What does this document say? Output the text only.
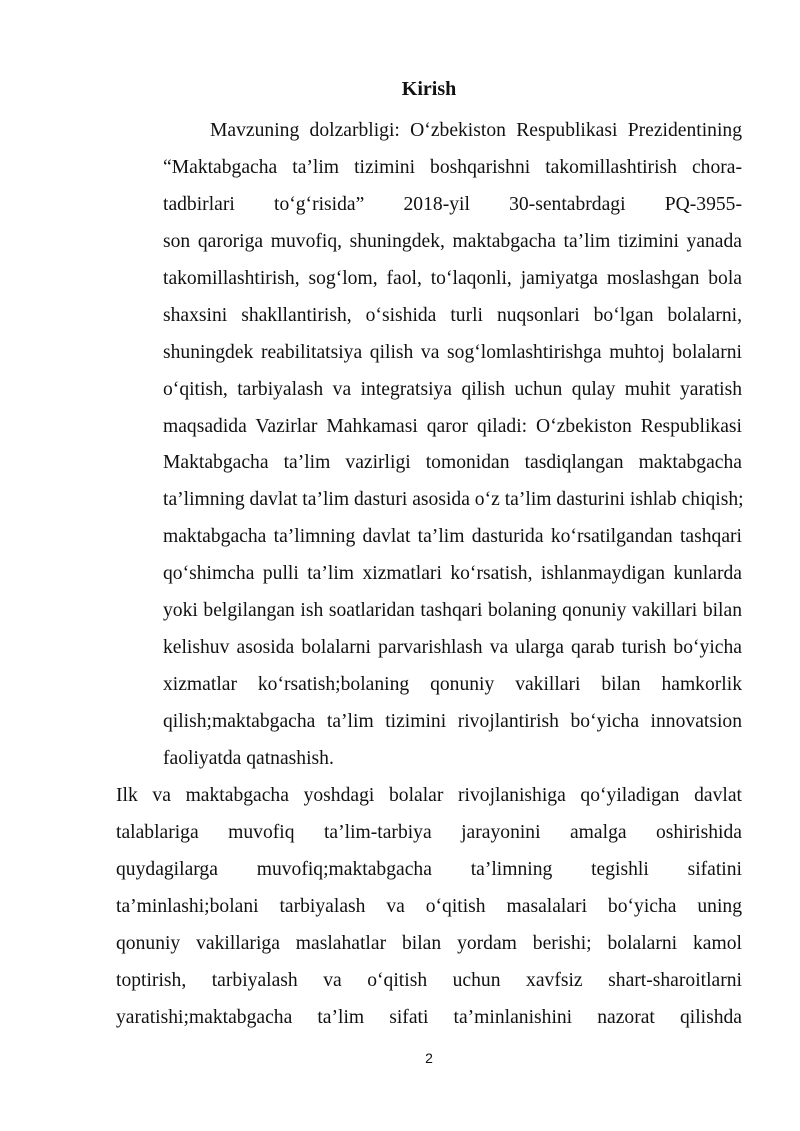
Kirish
Mavzuning dolzarbligi: O‘zbekiston Respublikasi Prezidentining
“Maktabgacha ta’lim tizimini boshqarishni takomillashtirish chora-
tadbirlari to‘g‘risida” 2018-yil 30-sentabrdagi PQ-3955-
son qaroriga muvofiq, shuningdek, maktabgacha ta’lim tizimini yanada
takomillashtirish, sog‘lom, faol, to‘laqonli, jamiyatga moslashgan bola
shaxsini shakllantirish, o‘sishida turli nuqsonlari bo‘lgan bolalarni,
shuningdek reabilitatsiya qilish va sog‘lomlashtirishga muhtoj bolalarni
o‘qitish, tarbiyalash va integratsiya qilish uchun qulay muhit yaratish
maqsadida Vazirlar Mahkamasi qaror qiladi: O‘zbekiston Respublikasi
Maktabgacha ta’lim vazirligi tomonidan tasdiqlangan maktabgacha
ta’limning davlat ta’lim dasturi asosida o‘z ta’lim dasturini ishlab chiqish;
maktabgacha ta’limning davlat ta’lim dasturida ko‘rsatilgandan tashqari
qo‘shimcha pulli ta’lim xizmatlari ko‘rsatish, ishlanmaydigan kunlarda
yoki belgilangan ish soatlaridan tashqari bolaning qonuniy vakillari bilan
kelishuv asosida bolalarni parvarishlash va ularga qarab turish bo‘yicha
xizmatlar ko‘rsatish;bolaning qonuniy vakillari bilan hamkorlik
qilish;maktabgacha ta’lim tizimini rivojlantirish bo‘yicha innovatsion
faoliyatda qatnashish.
Ilk va maktabgacha yoshdagi bolalar rivojlanishiga qo‘yiladigan davlat
talablariga muvofiq ta’lim-tarbiya jarayonini amalga oshirishida
quydagilarga muvofiq;maktabgacha ta’limning tegishli sifatini
ta’minlashi;bolani tarbiyalash va o‘qitish masalalari bo‘yicha uning
qonuniy vakillariga maslahatlar bilan yordam berishi; bolalarni kamol
toptirish, tarbiyalash va o‘qitish uchun xavfsiz shart-sharoitlarni
yaratishi;maktabgacha ta’lim sifati ta’minlanishini nazorat qilishda
2
